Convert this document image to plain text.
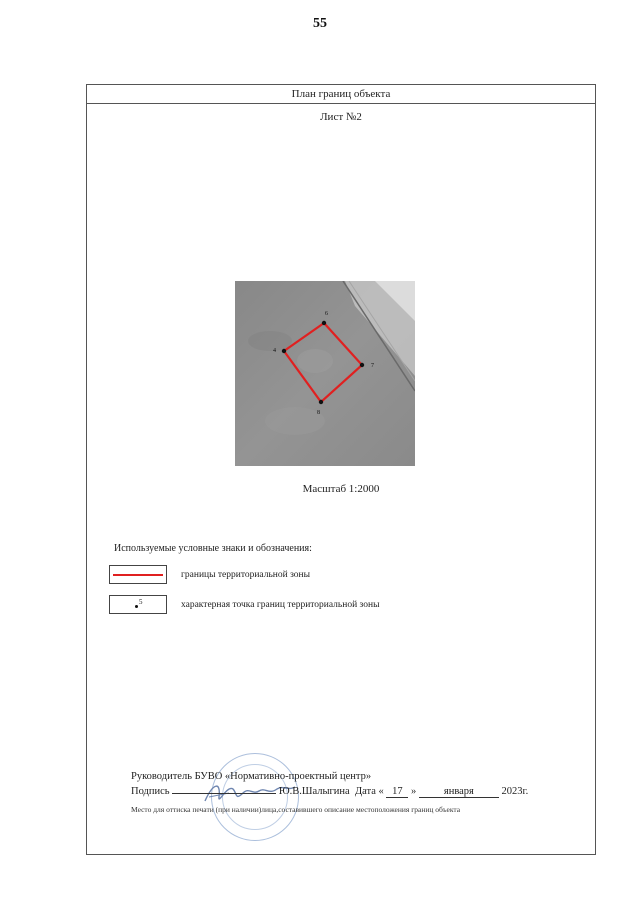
55
План границ объекта
Лист №2
6
4
7
8
Масштаб 1:2000
Используемые условные знаки и обозначения:
границы территориальной зоны
5	характерная точка границ территориальной зоны
Руководитель БУВО «Нормативно-проектный центр»
Подпись	Ю.В.Шалыгина Дата « 17 »	января	2023г.
Место для оттиска печати (при наличии)лица,составившего описание местоположения границ объекта
